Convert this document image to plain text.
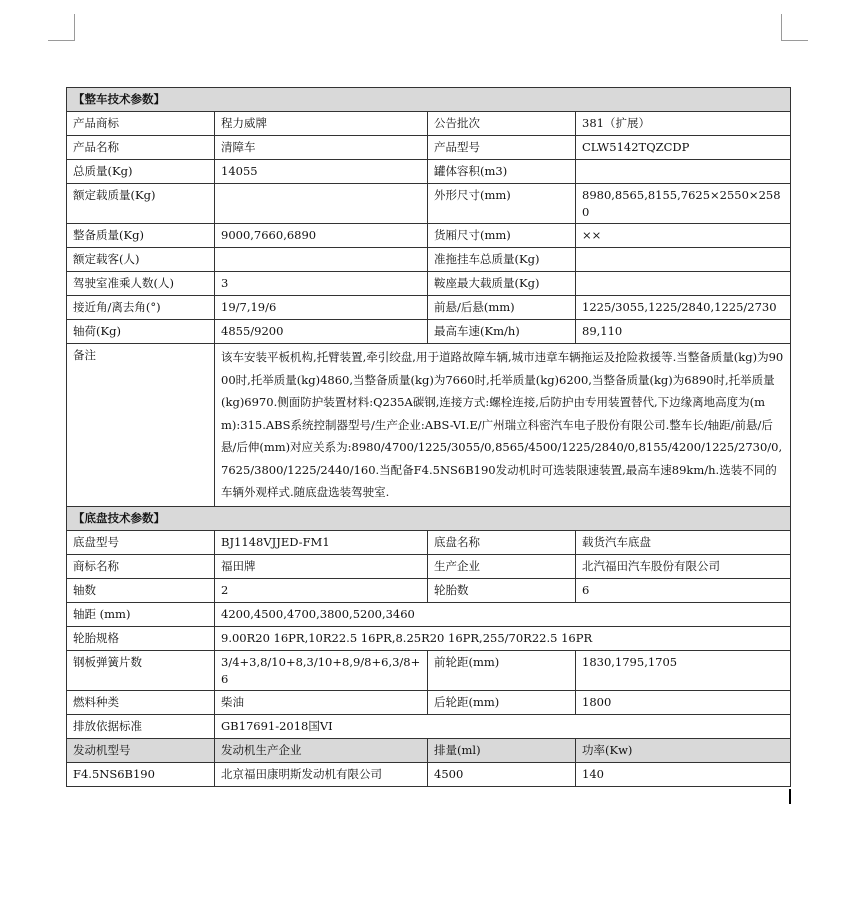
【整车技术参数】			
产品商标	程力威牌	公告批次	381（扩展）
产品名称	清障车	产品型号	CLW5142TQZCDP
总质量(Kg)	14055	罐体容积(m3)	
额定载质量(Kg)		外形尺寸(mm)	8980,8565,8155,7625×2550×2580
整备质量(Kg)	9000,7660,6890	货厢尺寸(mm)	××
额定载客(人)		准拖挂车总质量(Kg)	
驾驶室准乘人数(人)	3	鞍座最大载质量(Kg)	
接近角/离去角(°)	19/7,19/6	前悬/后悬(mm)	1225/3055,1225/2840,1225/2730
轴荷(Kg)	4855/9200	最高车速(Km/h)	89,110
备注	该车安装平板机构,托臂装置,牵引绞盘,用于道路故障车辆,城市违章车辆拖运及抢险救援等.当整备质量(kg)为9000时,托举质量(kg)4860,当整备质量(kg)为7660时,托举质量(kg)6200,当整备质量(kg)为6890时,托举质量(kg)6970.侧面防护装置材料:Q235A碳钢,连接方式:螺栓连接,后防护由专用装置替代,下边缘离地高度为(mm):315.ABS系统控制器型号/生产企业:ABS-VI.E/广州瑞立科密汽车电子股份有限公司.整车长/轴距/前悬/后悬/后伸(mm)对应关系为:8980/4700/1225/3055/0,8565/4500/1225/2840/0,8155/4200/1225/2730/0,7625/3800/1225/2440/160.当配备F4.5NS6B190发动机时可选装限速装置,最高车速89km/h.选装不同的车辆外观样式.随底盘选装驾驶室.		
【底盘技术参数】			
底盘型号	BJ1148VJJED-FM1	底盘名称	载货汽车底盘
商标名称	福田牌	生产企业	北汽福田汽车股份有限公司
轴数	2	轮胎数	6
轴距 (mm)	4200,4500,4700,3800,5200,3460		
轮胎规格	9.00R20 16PR,10R22.5 16PR,8.25R20 16PR,255/70R22.5 16PR		
钢板弹簧片数	3/4+3,8/10+8,3/10+8,9/8+6,3/8+6	前轮距(mm)	1830,1795,1705
燃料种类	柴油	后轮距(mm)	1800
排放依据标准	GB17691-2018国VI		
发动机型号	发动机生产企业	排量(ml)	功率(Kw)
F4.5NS6B190	北京福田康明斯发动机有限公司	4500	140
